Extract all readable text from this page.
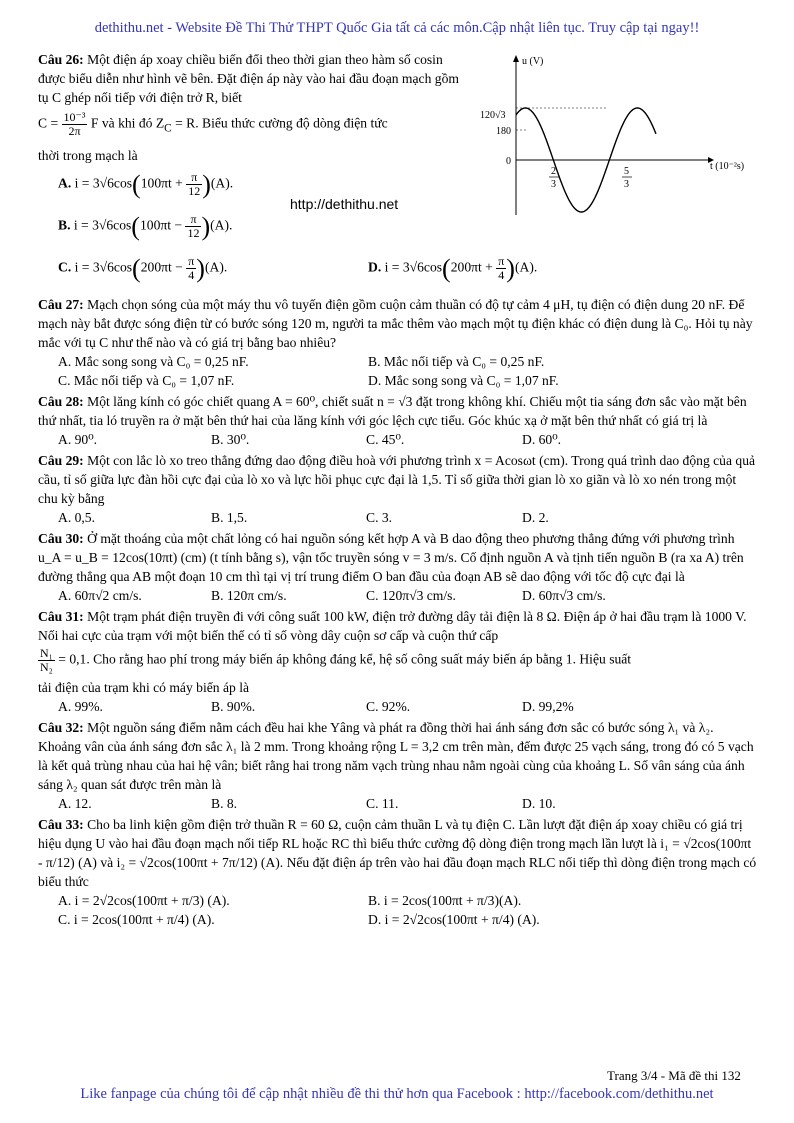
dethithu.net - Website Đề Thi Thử THPT Quốc Gia tất cả các môn.Cập nhật liên tục. Truy cập tại ngay!!
http://dethithu.net
u (V)
t (10⁻²s)
120√3
180
0
2
3
5
3
Câu 26: Một điện áp xoay chiều biến đổi theo thời gian theo hàm số cosin được biểu diễn như hình vẽ bên. Đặt điện áp này vào hai đầu đoạn mạch gồm tụ C ghép nối tiếp với điện trở R, biết
$C = \frac{\text{10⁻³}}{2\pi}$ F và khi đó $Z_C = R$. Biểu thức cường độ dòng điện tức
thời trong mạch là
A. $i = 3√6\cos(100\pi t + \frac{\pi}{12} )(A)$.
B. $i = 3√6\cos(100\pi t - \frac{\pi}{12} )(A)$.
C. $i = 3√6\cos(200\pi t - \frac{\pi}{4} )(A)$.	D. $i = 3√6\cos(200\pi t + \frac{\pi}{4} )(A)$.
Câu 27: Mạch chọn sóng của một máy thu vô tuyến điện gồm cuộn cảm thuần có độ tự cảm 4 μH, tụ điện có điện dung 20 nF. Để mạch này bắt được sóng điện từ có bước sóng 120 m, người ta mắc thêm vào mạch một tụ điện khác có điện dung là C₀. Hỏi tụ này mắc với tụ C như thế nào và có giá trị bằng bao nhiêu?
A. Mắc song song và C₀ = 0,25 nF.	B. Mắc nối tiếp và C₀ = 0,25 nF.
C. Mắc nối tiếp và C₀ = 1,07 nF.	D. Mắc song song và C₀ = 1,07 nF.
Câu 28: Một lăng kính có góc chiết quang A = 60⁰, chiết suất n = √3 đặt trong không khí. Chiếu một tia sáng đơn sắc vào mặt bên thứ nhất, tia ló truyền ra ở mặt bên thứ hai của lăng kính với góc lệch cực tiểu. Góc khúc xạ ở mặt bên thứ nhất có giá trị là
A. 90⁰.	B. 30⁰.	C. 45⁰.	D. 60⁰.
Câu 29: Một con lắc lò xo treo thẳng đứng dao động điều hoà với phương trình x = Acosωt (cm). Trong quá trình dao động của quả cầu, tỉ số giữa lực đàn hồi cực đại của lò xo và lực hồi phục cực đại là 1,5. Tỉ số giữa thời gian lò xo giãn và lò xo nén trong một chu kỳ bằng
A. 0,5.	B. 1,5.	C. 3.	D. 2.
Câu 30: Ở mặt thoáng của một chất lỏng có hai nguồn sóng kết hợp A và B dao động theo phương thẳng đứng với phương trình u_A = u_B = 12cos(10πt) (cm) (t tính bằng s), vận tốc truyền sóng v = 3 m/s. Cố định nguồn A và tịnh tiến nguồn B (ra xa A) trên đường thẳng qua AB một đoạn 10 cm thì tại vị trí trung điểm O ban đầu của đoạn AB sẽ dao động với tốc độ cực đại là
A. 60π√2 cm/s.	B. 120π cm/s.	C. 120π√3 cm/s.	D. 60π√3 cm/s.
Câu 31: Một trạm phát điện truyền đi với công suất 100 kW, điện trở đường dây tải điện là 8 Ω. Điện áp ở hai đầu trạm là 1000 V. Nối hai cực của trạm với một biến thế có tỉ số vòng dây cuộn sơ cấp và cuộn thứ cấp
$\frac{\text{N₁}}{\text{N₂}} = 0,1$. Cho rằng hao phí trong máy biến áp không đáng kể, hệ số công suất máy biến áp bằng 1. Hiệu suất
tải điện của trạm khi có máy biến áp là
A. 99%.	B. 90%.	C. 92%.	D. 99,2%
Câu 32: Một nguồn sáng điểm nằm cách đều hai khe Yâng và phát ra đồng thời hai ánh sáng đơn sắc có bước sóng λ₁ và λ₂. Khoảng vân của ánh sáng đơn sắc λ₁ là 2 mm. Trong khoảng rộng L = 3,2 cm trên màn, đếm được 25 vạch sáng, trong đó có 5 vạch là kết quả trùng nhau của hai hệ vân; biết rằng hai trong năm vạch trùng nhau nằm ngoài cùng của khoảng L. Số vân sáng của ánh sáng λ₂ quan sát được trên màn là
A. 12.	B. 8.	C. 11.	D. 10.
Câu 33: Cho ba linh kiện gồm điện trở thuần R = 60 Ω, cuộn cảm thuần L và tụ điện C. Lần lượt đặt điện áp xoay chiều có giá trị hiệu dụng U vào hai đầu đoạn mạch nối tiếp RL hoặc RC thì biểu thức cường độ dòng điện trong mạch lần lượt là i₁ = √2cos(100πt - π/12) (A) và i₂ = √2cos(100πt + 7π/12) (A). Nếu đặt điện áp trên vào hai đầu đoạn mạch RLC nối tiếp thì dòng điện trong mạch có biểu thức
A. i = 2√2cos(100πt + π/3) (A).	B. i = 2cos(100πt + π/3)(A).
C. i = 2cos(100πt + π/4) (A).	D. i = 2√2cos(100πt + π/4) (A).
Trang 3/4 - Mã đề thi 132
Like fanpage của chúng tôi để cập nhật nhiều đề thi thử hơn qua Facebook : http://facebook.com/dethithu.net
